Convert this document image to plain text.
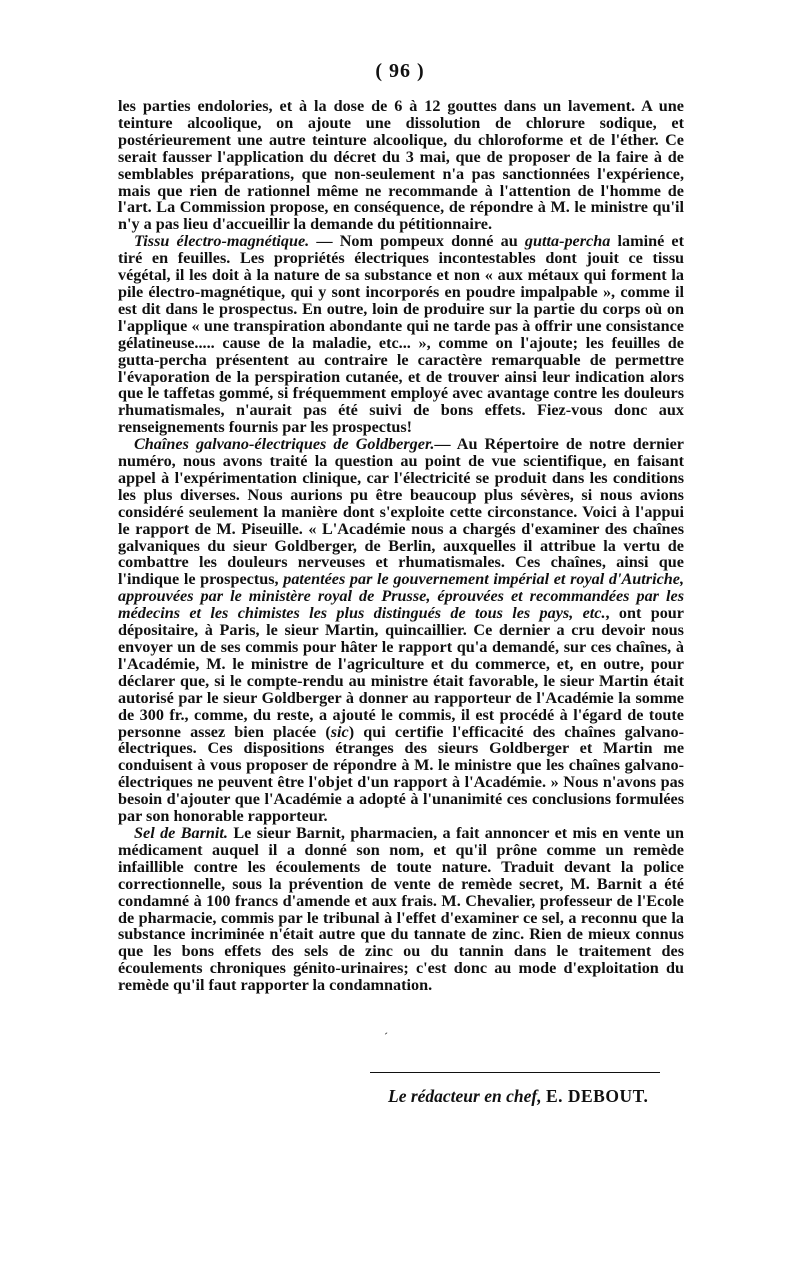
( 96 )

les parties endolories, et à la dose de 6 à 12 gouttes dans un lavement. A une teinture alcoolique, on ajoute une dissolution de chlorure sodique, et postérieurement une autre teinture alcoolique, du chloroforme et de l'éther. Ce serait fausser l'application du décret du 3 mai, que de proposer de la faire à de semblables préparations, que non-seulement n'a pas sanctionnées l'expérience, mais que rien de rationnel même ne recommande à l'attention de l'homme de l'art. La Commission propose, en conséquence, de répondre à M. le ministre qu'il n'y a pas lieu d'accueillir la demande du pétitionnaire.

Tissu électro-magnétique. — Nom pompeux donné au gutta-percha laminé et tiré en feuilles. Les propriétés électriques incontestables dont jouit ce tissu végétal, il les doit à la nature de sa substance et non « aux métaux qui forment la pile électro-magnétique, qui y sont incorporés en poudre impalpable », comme il est dit dans le prospectus. En outre, loin de produire sur la partie du corps où on l'applique « une transpiration abondante qui ne tarde pas à offrir une consistance gélatineuse..... cause de la maladie, etc... », comme on l'ajoute; les feuilles de gutta-percha présentent au contraire le caractère remarquable de permettre l'évaporation de la perspiration cutanée, et de trouver ainsi leur indication alors que le taffetas gommé, si fréquemment employé avec avantage contre les douleurs rhumatismales, n'aurait pas été suivi de bons effets. Fiez-vous donc aux renseignements fournis par les prospectus!

Chaînes galvano-électriques de Goldberger.— Au Répertoire de notre dernier numéro, nous avons traité la question au point de vue scientifique, en faisant appel à l'expérimentation clinique, car l'électricité se produit dans les conditions les plus diverses. Nous aurions pu être beaucoup plus sévères, si nous avions considéré seulement la manière dont s'exploite cette circonstance. Voici à l'appui le rapport de M. Piseuille. « L'Académie nous a chargés d'examiner des chaînes galvaniques du sieur Goldberger, de Berlin, auxquelles il attribue la vertu de combattre les douleurs nerveuses et rhumatismales. Ces chaînes, ainsi que l'indique le prospectus, patentées par le gouvernement impérial et royal d'Autriche, approuvées par le ministère royal de Prusse, éprouvées et recommandées par les médecins et les chimistes les plus distingués de tous les pays, etc., ont pour dépositaire, à Paris, le sieur Martin, quincaillier. Ce dernier a cru devoir nous envoyer un de ses commis pour hâter le rapport qu'a demandé, sur ces chaînes, à l'Académie, M. le ministre de l'agriculture et du commerce, et, en outre, pour déclarer que, si le compte-rendu au ministre était favorable, le sieur Martin était autorisé par le sieur Goldberger à donner au rapporteur de l'Académie la somme de 300 fr., comme, du reste, a ajouté le commis, il est procédé à l'égard de toute personne assez bien placée (sic) qui certifie l'efficacité des chaînes galvano-électriques. Ces dispositions étranges des sieurs Goldberger et Martin me conduisent à vous proposer de répondre à M. le ministre que les chaînes galvano-électriques ne peuvent être l'objet d'un rapport à l'Académie. » Nous n'avons pas besoin d'ajouter que l'Académie a adopté à l'unanimité ces conclusions formulées par son honorable rapporteur.

Sel de Barnit. Le sieur Barnit, pharmacien, a fait annoncer et mis en vente un médicament auquel il a donné son nom, et qu'il prône comme un remède infaillible contre les écoulements de toute nature. Traduit devant la police correctionnelle, sous la prévention de vente de remède secret, M. Barnit a été condamné à 100 francs d'amende et aux frais. M. Chevalier, professeur de l'Ecole de pharmacie, commis par le tribunal à l'effet d'examiner ce sel, a reconnu que la substance incriminée n'était autre que du tannate de zinc. Rien de mieux connus que les bons effets des sels de zinc ou du tannin dans le traitement des écoulements chroniques génito-urinaires; c'est donc au mode d'exploitation du remède qu'il faut rapporter la condamnation.

ˊ
Le rédacteur en chef, E. DEBOUT.
